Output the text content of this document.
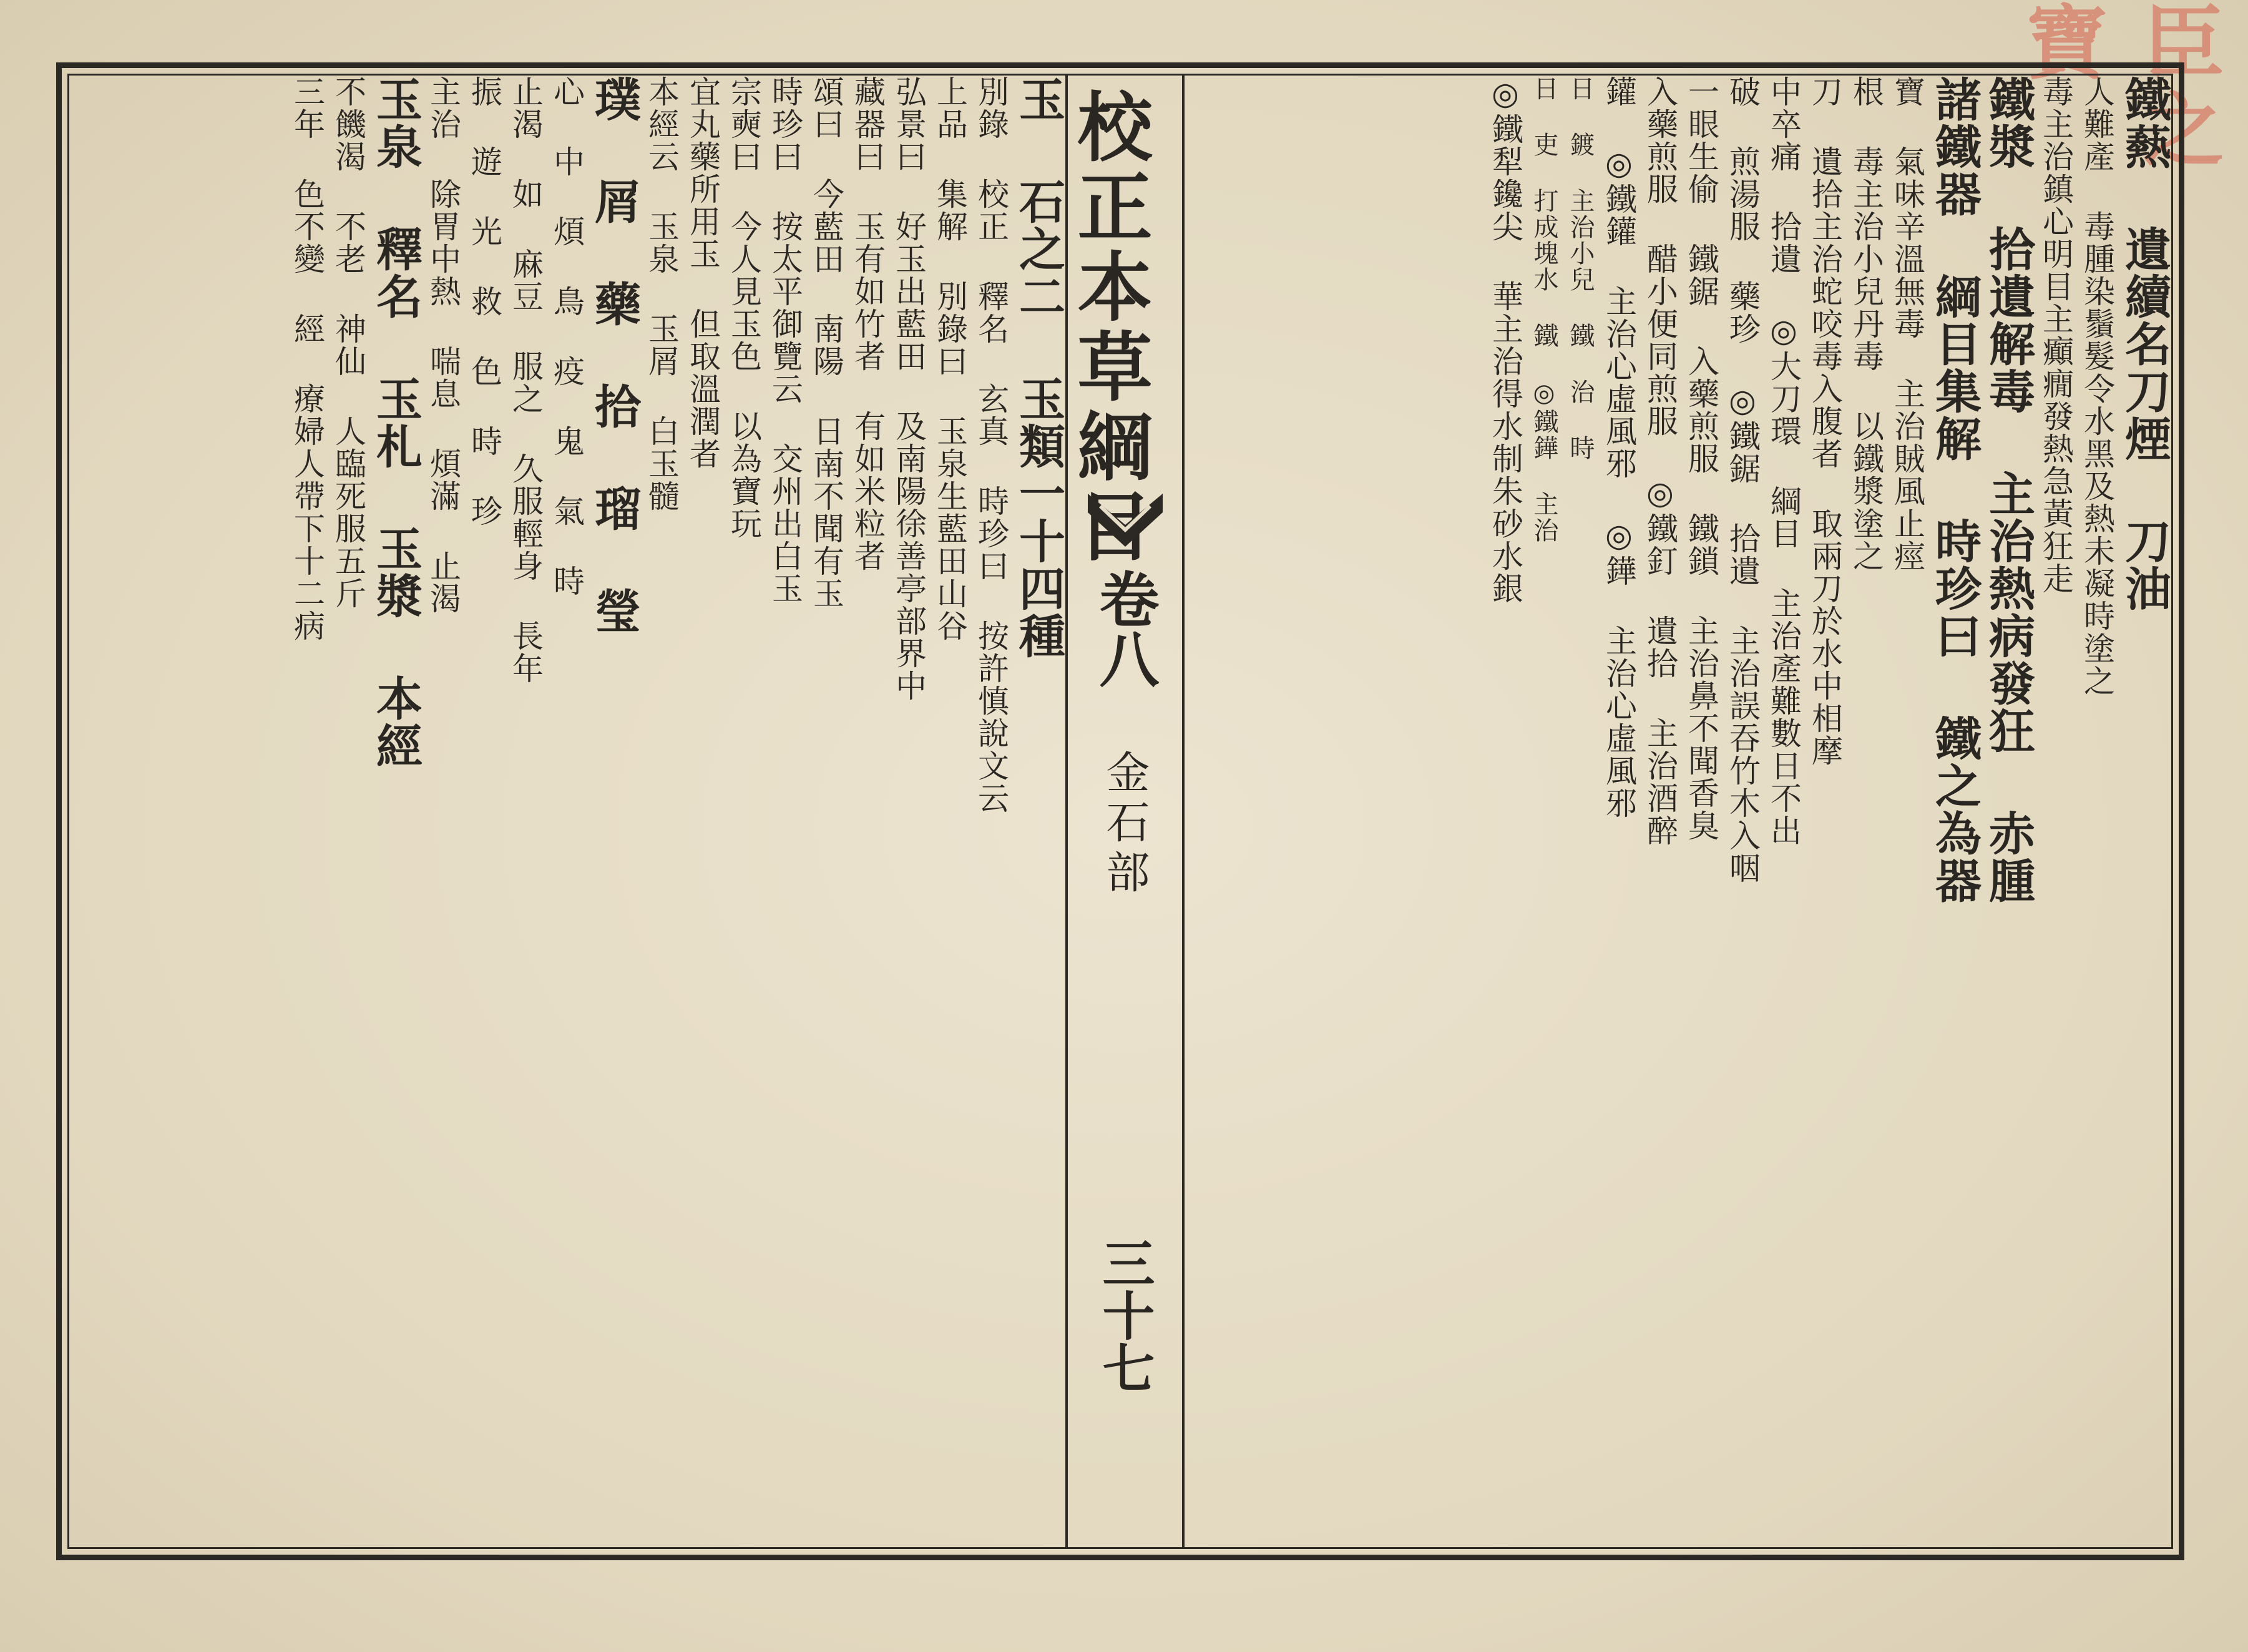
臣之寶
鐵爇 遺續名刀煙 刀油
人難產 毒腫染鬚髮令水黑及熱未凝時塗之
毒主治鎮心明目主癲癇發熱急黃狂走
鐵漿 拾遺解毒 主治熱病發狂 赤腫
諸鐵器 綱目集解 時珍曰 鐵之為器
寶 氣味辛溫無毒 主治賊風止痙
根 毒主治小兒丹毒 以鐵漿塗之
刀 遺拾主治蛇咬毒入腹者 取兩刀於水中相摩
中卒痛 拾遺 ◎大刀環 綱目 主治產難數日不出
破 煎湯服 藥珍 ◎鐵鋸 拾遺 主治誤吞竹木入咽
一眼生偷 鐵鋸 入藥煎服 鐵鎖 主治鼻不聞香臭
入藥煎服 醋小便同煎服 ◎鐵釘 遺拾 主治酒醉
鑵 ◎鐵鑵 主治心虛風邪 ◎鏵 主治心虛風邪
日 鍍 主治小兒 鐵 治 時
日 吏 打成塊水 鐵 ◎鐵鏵 主治
◎鐵犁鑱尖 華主治得水制朱砂水銀
校正本草綱目
卷八
金石部
三十七
玉 石之二 玉類一十四種
別錄 校正 釋名 玄真 時珍曰 按許慎說文云
上品 集解 別錄曰 玉泉生藍田山谷
弘景曰 好玉出藍田 及南陽徐善亭部界中
藏器曰 玉有如竹者 有如米粒者
頌曰 今藍田 南陽 日南不聞有玉
時珍曰 按太平御覽云 交州出白玉
宗奭曰 今人見玉色 以為寶玩
宜丸藥所用玉 但取溫潤者
本經云 玉泉 玉屑 白玉髓
璞 屑 藥 拾 瑠 瑩
心 中 煩 鳥 疫 鬼 氣 時
止渴 如 麻豆 服之 久服輕身 長年
振 遊 光 救 色 時 珍
主治 除胃中熱 喘息 煩滿 止渴
玉泉 釋名 玉札 玉漿 本經
不饑渴 不老 神仙 人臨死服五斤
三年 色不變 經 療婦人帶下十二病
